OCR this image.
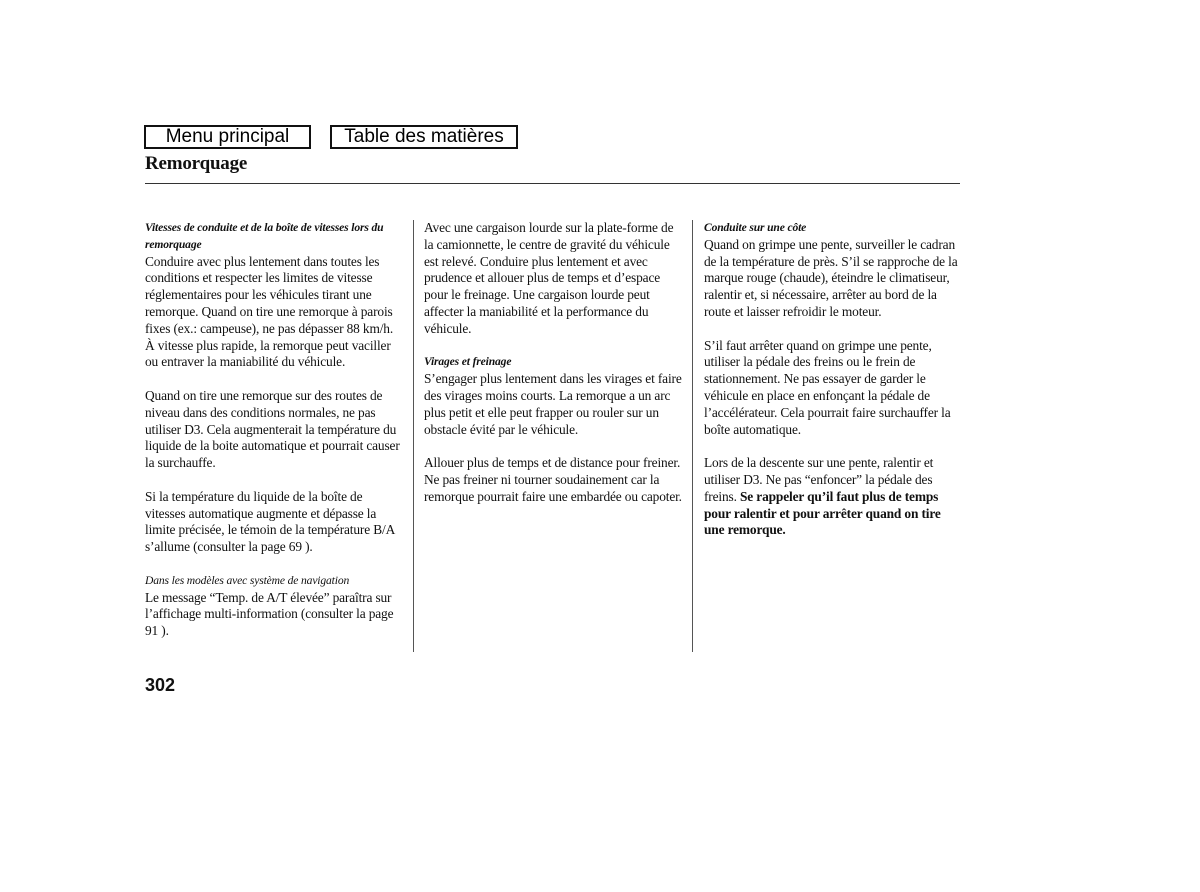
Menu principal	Table des matières
Remorquage
Vitesses de conduite et de la boîte de vitesses lors du remorquage

Conduire avec plus lentement dans toutes les conditions et respecter les limites de vitesse réglementaires pour les véhicules tirant une remorque. Quand on tire une remorque à parois fixes (ex.: campeuse), ne pas dépasser 88 km/h. À vitesse plus rapide, la remorque peut vaciller ou entraver la maniabilité du véhicule.

Quand on tire une remorque sur des routes de niveau dans des conditions normales, ne pas utiliser D3. Cela augmenterait la température du liquide de la boite automatique et pourrait causer la surchauffe.

Si la température du liquide de la boîte de vitesses automatique augmente et dépasse la limite précisée, le témoin de la température B/A s’allume (consulter la page 69 ).

Dans les modèles avec système de navigation

Le message “Temp. de A/T élevée” paraîtra sur l’affichage multi-information (consulter la page 91 ).

Avec une cargaison lourde sur la plate-forme de la camionnette, le centre de gravité du véhicule est relevé. Conduire plus lentement et avec prudence et allouer plus de temps et d’espace pour le freinage. Une cargaison lourde peut affecter la maniabilité et la performance du véhicule.

Virages et freinage

S’engager plus lentement dans les virages et faire des virages moins courts. La remorque a un arc plus petit et elle peut frapper ou rouler sur un obstacle évité par le véhicule.

Allouer plus de temps et de distance pour freiner. Ne pas freiner ni tourner soudainement car la remorque pourrait faire une embardée ou capoter.

Conduite sur une côte

Quand on grimpe une pente, surveiller le cadran de la température de près. S’il se rapproche de la marque rouge (chaude), éteindre le climatiseur, ralentir et, si nécessaire, arrêter au bord de la route et laisser refroidir le moteur.

S’il faut arrêter quand on grimpe une pente, utiliser la pédale des freins ou le frein de stationnement. Ne pas essayer de garder le véhicule en place en enfonçant la pédale de l’accélérateur. Cela pourrait faire surchauffer la boîte automatique.

Lors de la descente sur une pente, ralentir et utiliser D3. Ne pas “enfoncer” la pédale des freins. Se rappeler qu’il faut plus de temps pour ralentir et pour arrêter quand on tire une remorque.

302
